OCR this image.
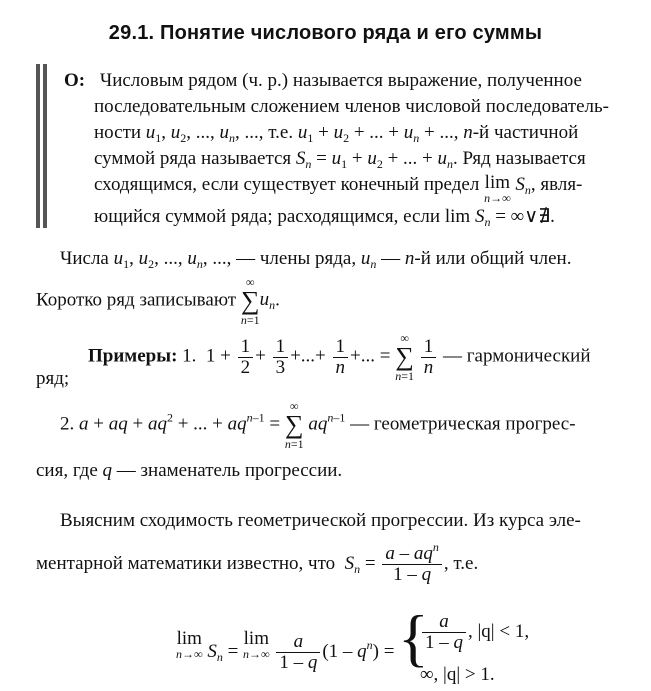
29.1. Понятие числового ряда и его суммы
О: Числовым рядом (ч. р.) называется выражение, полученное
последовательным сложением членов числовой последователь-
ности $u_1$, $u_2$, ..., $u_n$, ..., т.е. $u_1 + u_2$ + ... + $u_n$ + ..., n-й частичной
суммой ряда называется $S_n = u_1 + u_2$ + ... + $u_n$. Ряд называется
сходящимся, если существует конечный предел lim
n→∞
$S_n$, явля-
ющийся суммой ряда; расходящимся, если $\lim S_n$ = ∞∨∄.
Числа $u_1$, $u_2$, ..., $u_n$, ..., — члены ряда, $u_n$ — n-й или общий член.
Коротко ряд записывают
∞
∑
n=1
$u_n$.
Примеры: 1.  $1 + \frac{1}{2} + \frac{1}{3}$ +...+ $\frac{1}{n}$ +... =
∞
∑
n=1
$\frac{1}{n}$ — гармонический
ряд;
2. a + aq + $aq^2$ + ... + $aq^{n-1}$ =
∞
∑
n=1
$aq^{n-1}$ — геометрическая прогрес-
сия, где q — знаменатель прогрессии.
Выясним сходимость геометрической прогрессии. Из курса эле-
ментарной математики известно, что $S_n = \frac{a - aq^n}{1 - q}$ , т.е.
lim
n→∞ $S_n$ =
lim
n→∞
$\frac{a}{1 - q} (1 - q^n)$ = {
$\frac{a}{1 - q}$ , |q| < 1,
∞, |q| > 1.
